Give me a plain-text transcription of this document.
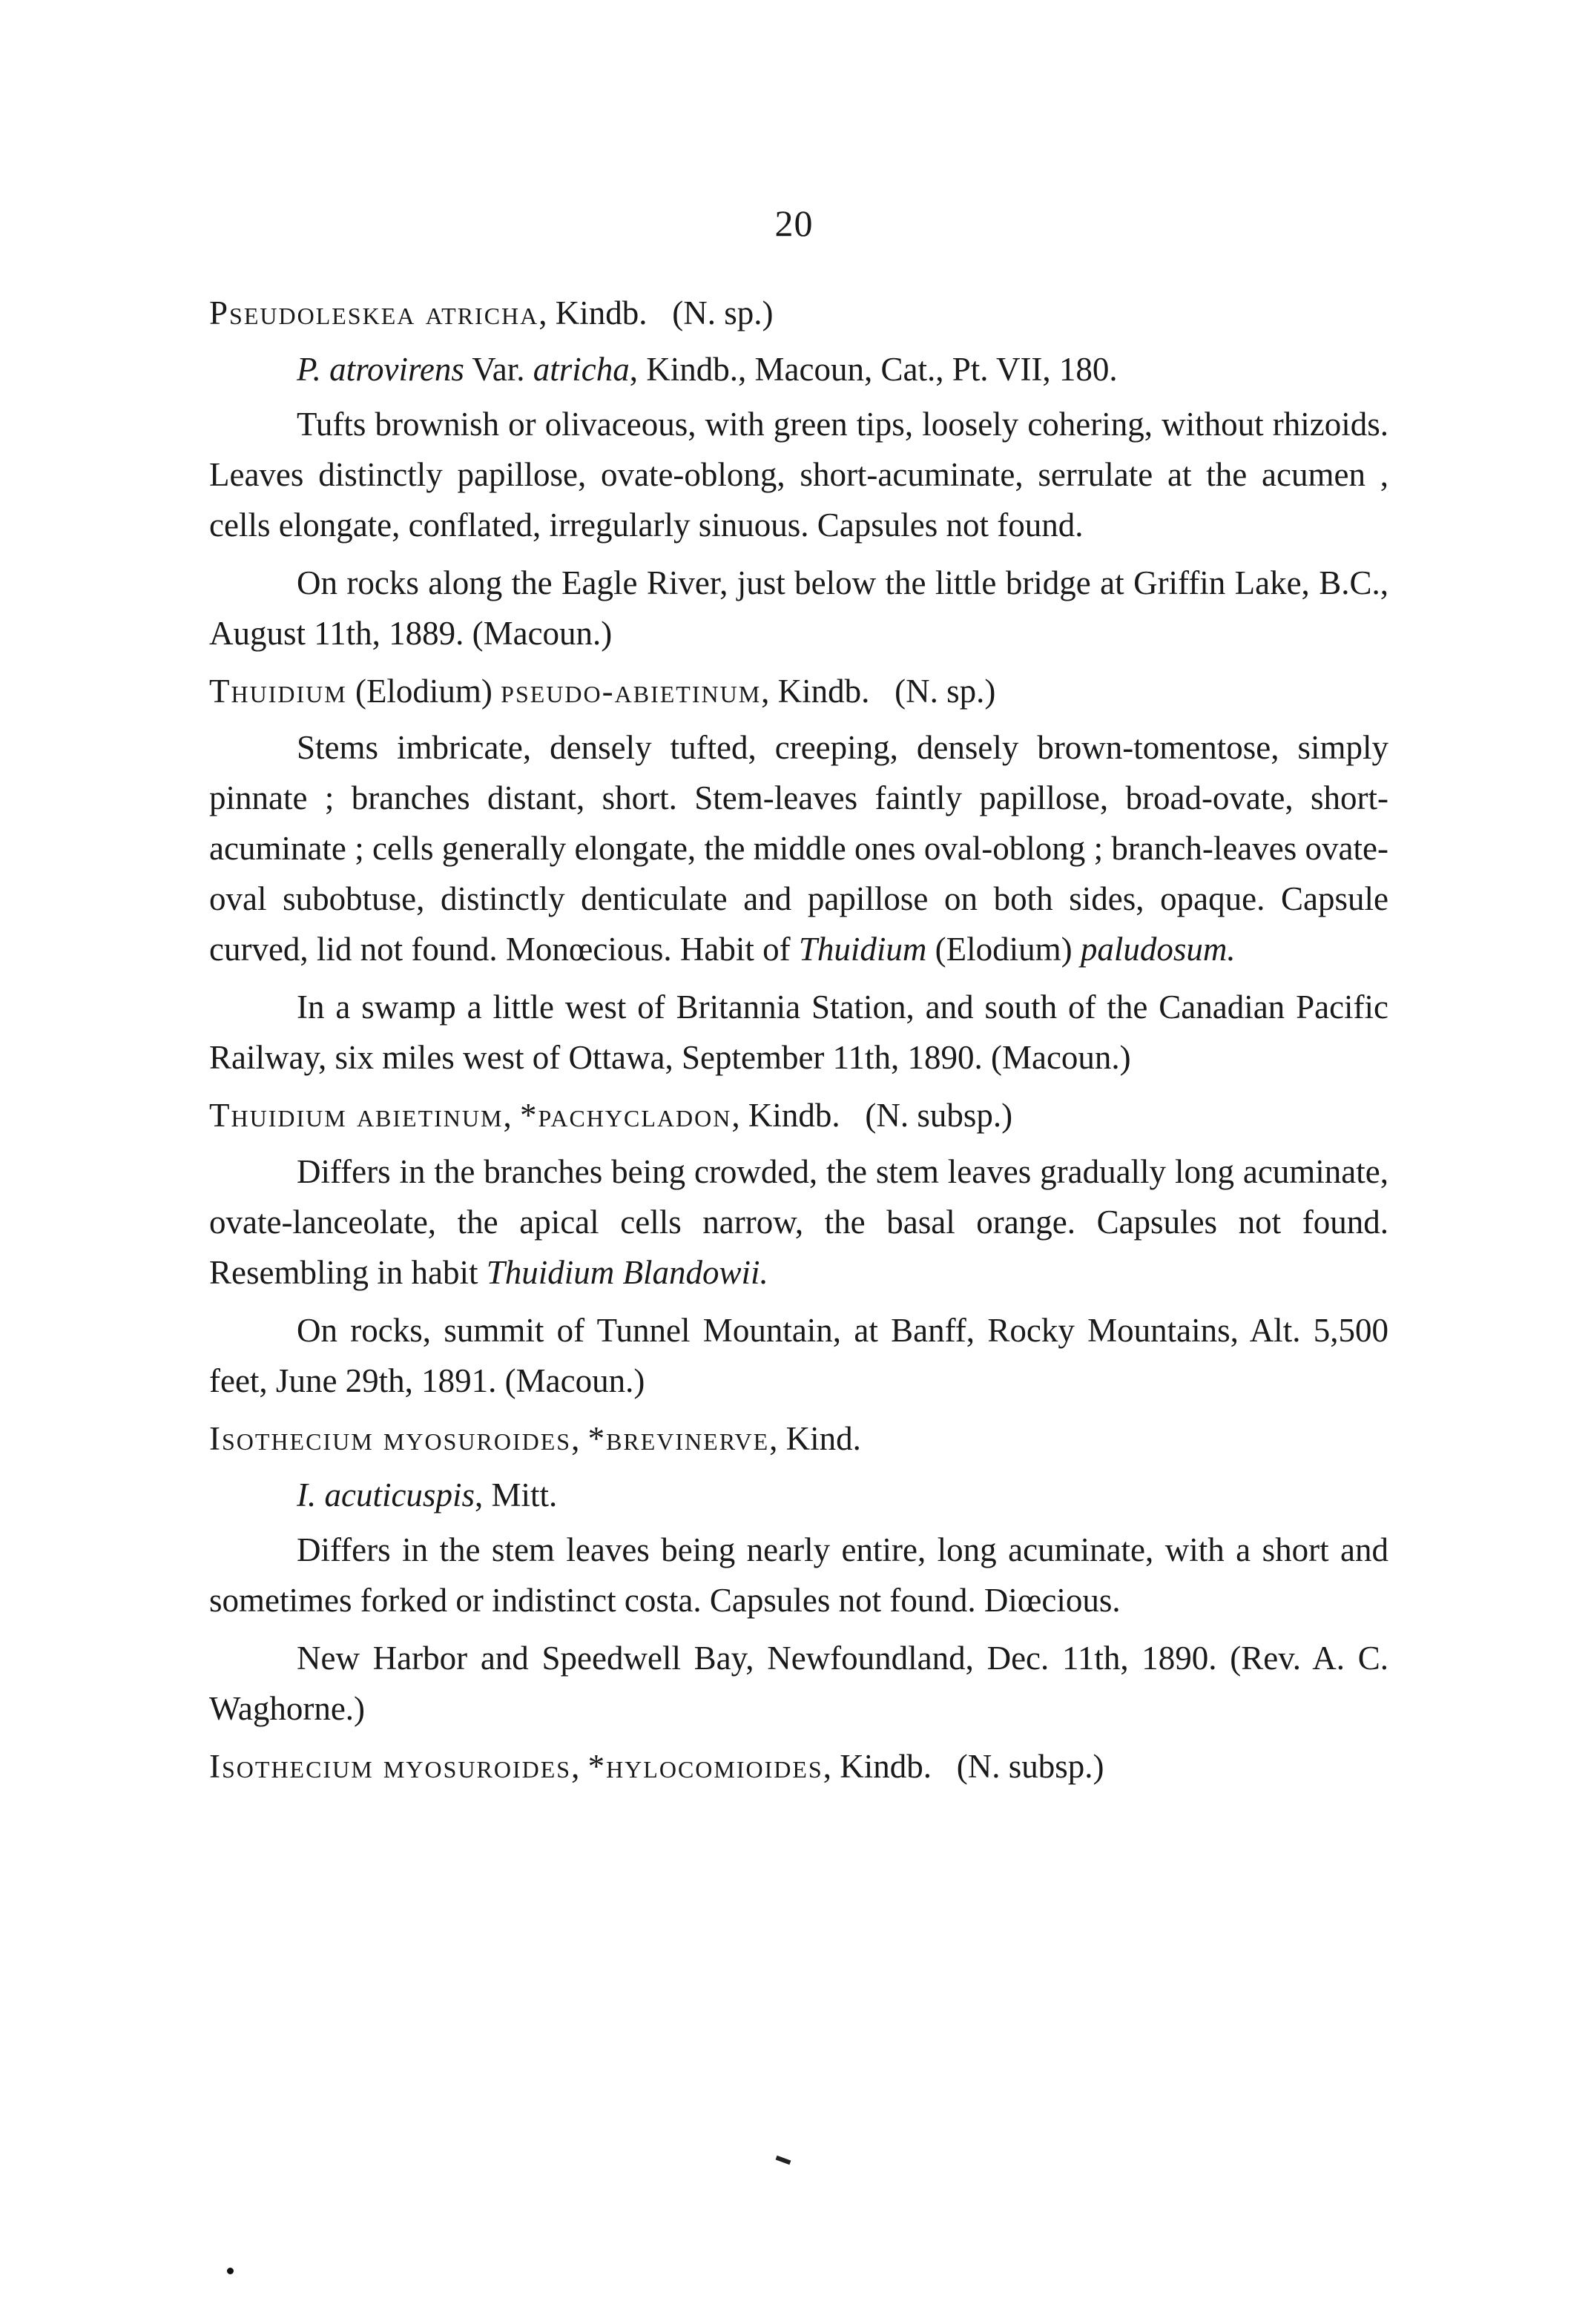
20
Pseudoleskea atricha, Kindb. (N. sp.)
P. atrovirens Var. atricha, Kindb., Macoun, Cat., Pt. VII, 180.

Tufts brownish or olivaceous, with green tips, loosely cohering, without rhizoids. Leaves distinctly papillose, ovate-oblong, short-acuminate, serrulate at the acumen , cells elongate, conflated, irregularly sinuous. Capsules not found.

On rocks along the Eagle River, just below the little bridge at Griffin Lake, B.C., August 11th, 1889. (Macoun.)

Thuidium (Elodium) pseudo-abietinum, Kindb. (N. sp.)

Stems imbricate, densely tufted, creeping, densely brown-tomentose, simply pinnate ; branches distant, short. Stem-leaves faintly papillose, broad-ovate, short-acuminate ; cells generally elongate, the middle ones oval-oblong ; branch-leaves ovate-oval subobtuse, distinctly denticulate and papillose on both sides, opaque. Capsule curved, lid not found. Monœcious. Habit of Thuidium (Elodium) paludosum.

In a swamp a little west of Britannia Station, and south of the Canadian Pacific Railway, six miles west of Ottawa, September 11th, 1890. (Macoun.)

Thuidium abietinum, *pachycladon, Kindb. (N. subsp.)

Differs in the branches being crowded, the stem leaves gradually long acuminate, ovate-lanceolate, the apical cells narrow, the basal orange. Capsules not found. Resembling in habit Thuidium Blandowii.

On rocks, summit of Tunnel Mountain, at Banff, Rocky Mountains, Alt. 5,500 feet, June 29th, 1891. (Macoun.)

Isothecium myosuroides, *brevinerve, Kind.
I. acuticuspis, Mitt.

Differs in the stem leaves being nearly entire, long acuminate, with a short and sometimes forked or indistinct costa. Capsules not found. Diœcious.

New Harbor and Speedwell Bay, Newfoundland, Dec. 11th, 1890. (Rev. A. C. Waghorne.)

Isothecium myosuroides, *hylocomioides, Kindb. (N. subsp.)
